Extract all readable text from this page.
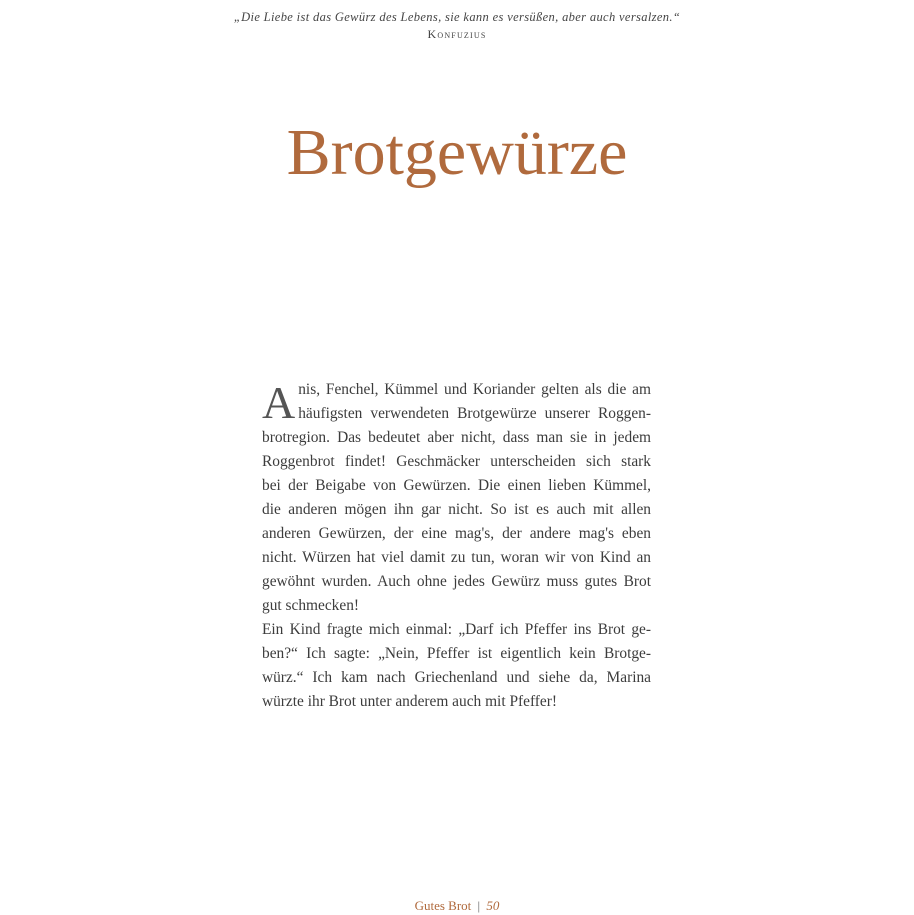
„Die Liebe ist das Gewürz des Lebens, sie kann es versüßen, aber auch versalzen.“
Konfuzius
Brotgewürze
A nis, Fenchel, Kümmel und Koriander gelten als die am
häufigsten verwendeten Brotgewürze unserer Roggen-
brotregion. Das bedeutet aber nicht, dass man sie in jedem
Roggenbrot findet! Geschmäcker unterscheiden sich stark
bei der Beigabe von Gewürzen. Die einen lieben Kümmel,
die anderen mögen ihn gar nicht. So ist es auch mit allen
anderen Gewürzen, der eine mag's, der andere mag's eben
nicht. Würzen hat viel damit zu tun, woran wir von Kind an
gewöhnt wurden. Auch ohne jedes Gewürz muss gutes Brot
gut schmecken!
Ein Kind fragte mich einmal: „Darf ich Pfeffer ins Brot ge-
ben?“ Ich sagte: „Nein, Pfeffer ist eigentlich kein Brotge-
würz.“ Ich kam nach Griechenland und siehe da, Marina
würzte ihr Brot unter anderem auch mit Pfeffer!
Gutes Brot | 50
